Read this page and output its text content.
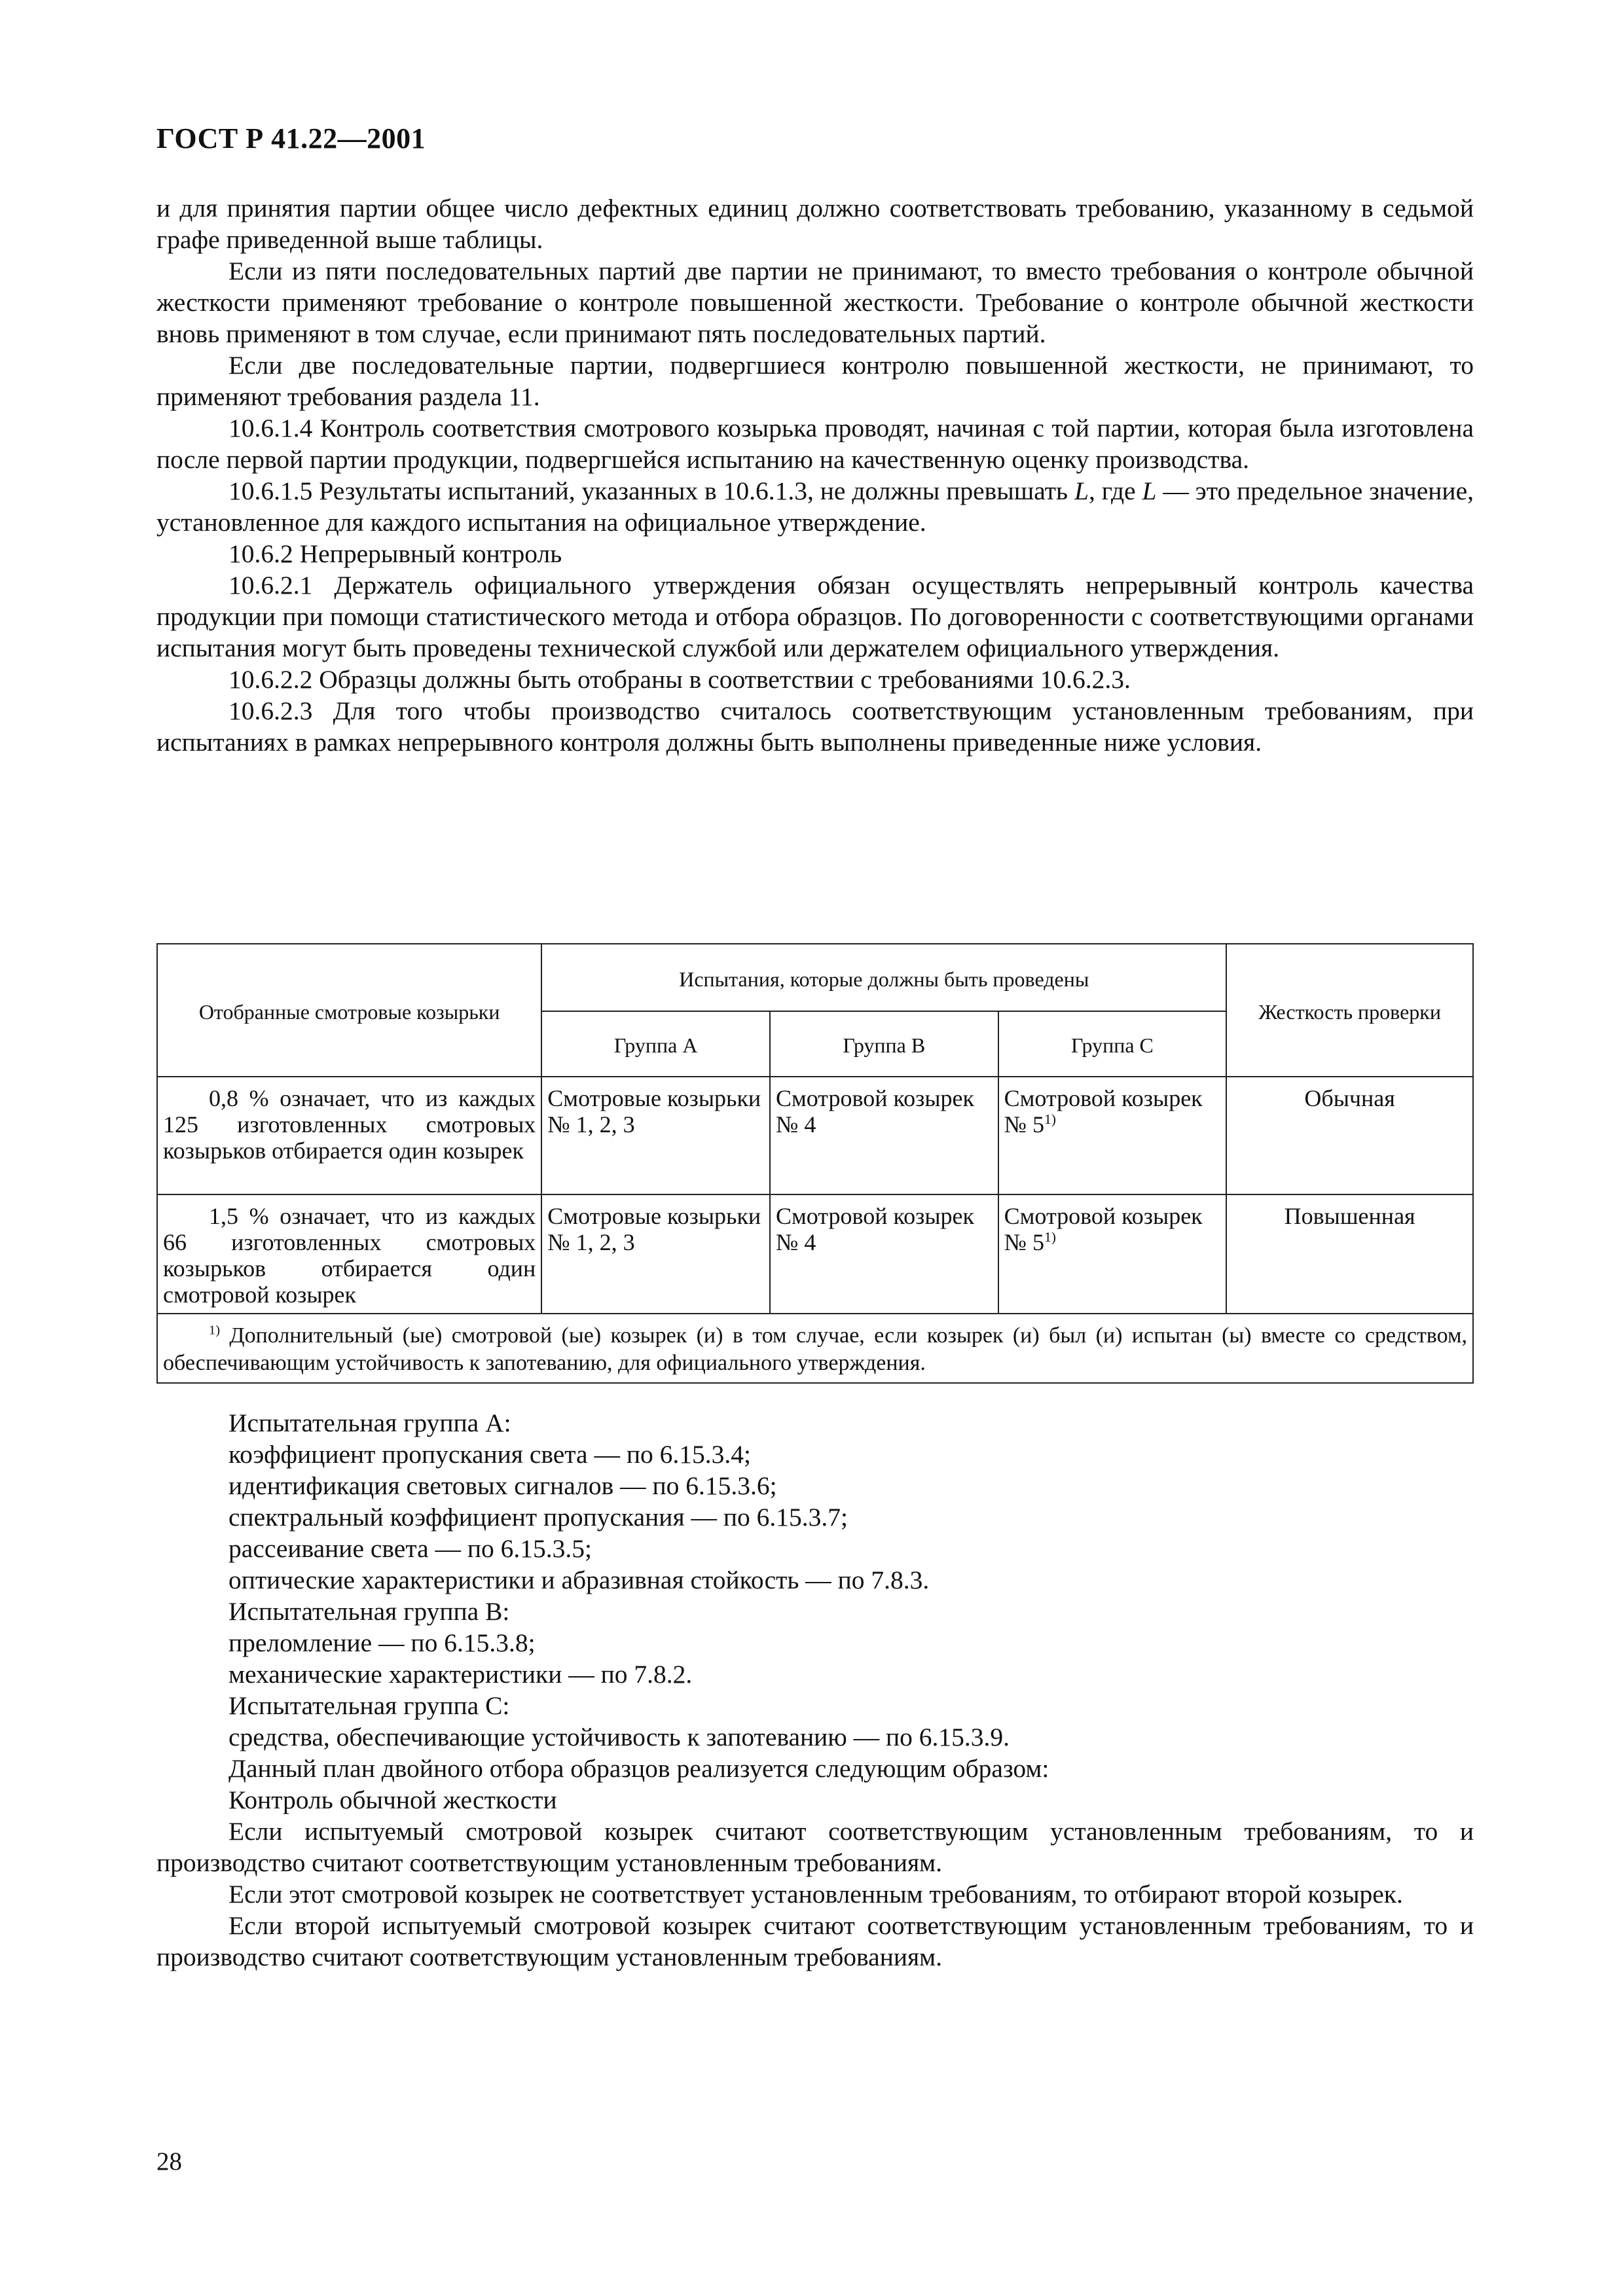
ГОСТ Р 41.22—2001

и для принятия партии общее число дефектных единиц должно соответствовать требованию, указанному в седьмой графе приведенной выше таблицы.

Если из пяти последовательных партий две партии не принимают, то вместо требования о контроле обычной жесткости применяют требование о контроле повышенной жесткости. Требование о контроле обычной жесткости вновь применяют в том случае, если принимают пять последовательных партий.

Если две последовательные партии, подвергшиеся контролю повышенной жесткости, не принимают, то применяют требования раздела 11.

10.6.1.4 Контроль соответствия смотрового козырька проводят, начиная с той партии, которая была изготовлена после первой партии продукции, подвергшейся испытанию на качественную оценку производства.

10.6.1.5 Результаты испытаний, указанных в 10.6.1.3, не должны превышать L, где L — это предельное значение, установленное для каждого испытания на официальное утверждение.

10.6.2 Непрерывный контроль

10.6.2.1 Держатель официального утверждения обязан осуществлять непрерывный контроль качества продукции при помощи статистического метода и отбора образцов. По договоренности с соответствующими органами испытания могут быть проведены технической службой или держателем официального утверждения.

10.6.2.2 Образцы должны быть отобраны в соответствии с требованиями 10.6.2.3.

10.6.2.3 Для того чтобы производство считалось соответствующим установленным требованиям, при испытаниях в рамках непрерывного контроля должны быть выполнены приведенные ниже условия.

Отобранные смотровые козырьки	Испытания, которые должны быть проведены			Жесткость проверки
	Группа А	Группа В	Группа С	
0,8 % означает, что из каждых 125 изготовленных смотровых козырьков отбирается один козырек	Смотровые козырьки № 1, 2, 3	Смотровой козырек № 4	Смотровой козырек № 5$^{1)}$	Обычная
1,5 % означает, что из каждых 66 изготовленных смотровых козырьков отбирается один смотровой козырек	Смотровые козырьки № 1, 2, 3	Смотровой козырек № 4	Смотровой козырек № 5$^{1)}$	Повышенная
$^{1)}$ Дополнительный (ые) смотровой (ые) козырек (и) в том случае, если козырек (и) был (и) испытан (ы) вместе со средством, обеспечивающим устойчивость к запотеванию, для официального утверждения.				

Испытательная группа А:

коэффициент пропускания света — по 6.15.3.4;

идентификация световых сигналов — по 6.15.3.6;

спектральный коэффициент пропускания — по 6.15.3.7;

рассеивание света — по 6.15.3.5;

оптические характеристики и абразивная стойкость — по 7.8.3.

Испытательная группа В:

преломление — по 6.15.3.8;

механические характеристики — по 7.8.2.

Испытательная группа С:

средства, обеспечивающие устойчивость к запотеванию — по 6.15.3.9.

Данный план двойного отбора образцов реализуется следующим образом:

Контроль обычной жесткости

Если испытуемый смотровой козырек считают соответствующим установленным требованиям, то и производство считают соответствующим установленным требованиям.

Если этот смотровой козырек не соответствует установленным требованиям, то отбирают второй козырек.

Если второй испытуемый смотровой козырек считают соответствующим установленным требованиям, то и производство считают соответствующим установленным требованиям.

28
